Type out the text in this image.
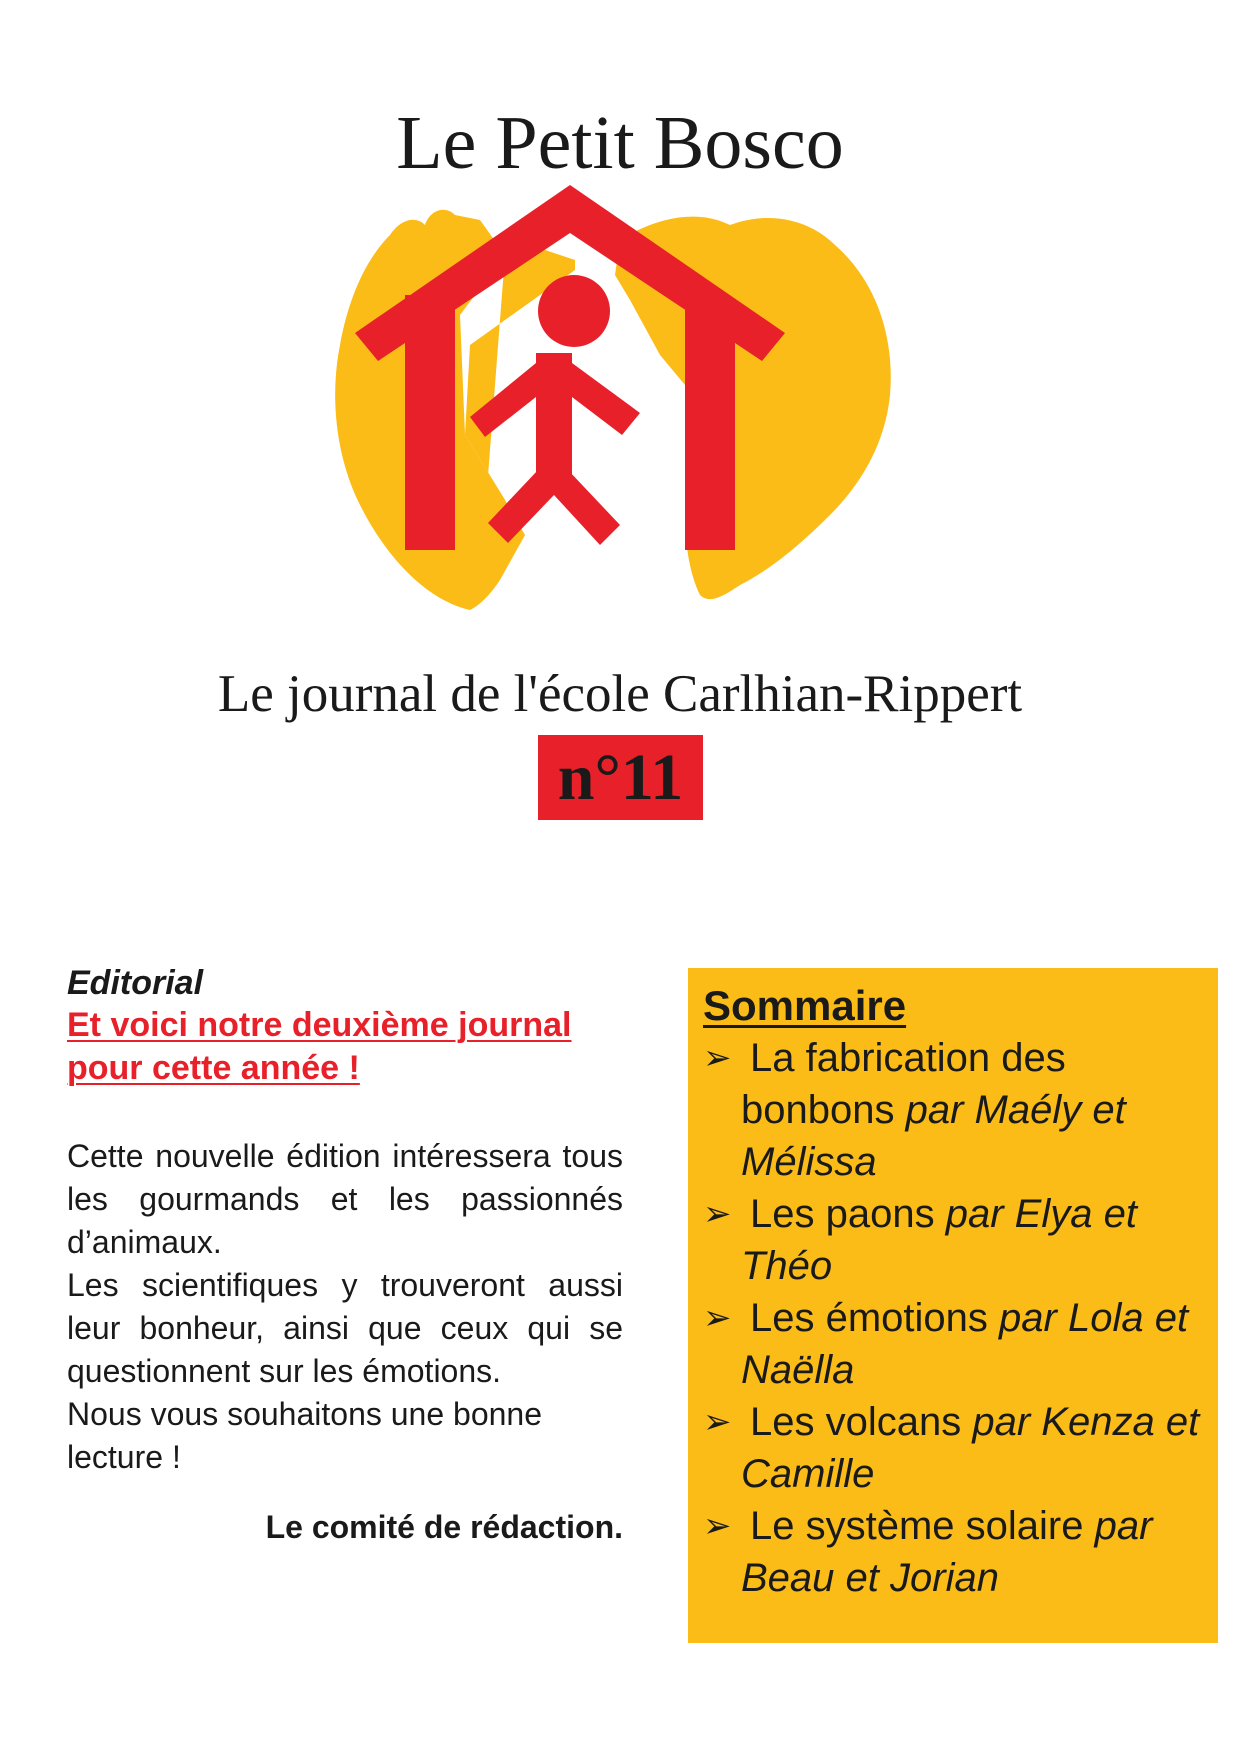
Le Petit Bosco
Le journal de l'école Carlhian-Rippert
n°11
Editorial
Et voici notre deuxième journal
pour cette année !

Cette nouvelle édition intéressera tous les gourmands et les passionnés d’animaux.

Les scientifiques y trouveront aussi leur bonheur, ainsi que ceux qui se questionnent sur les émotions.

Nous vous souhaitons une bonne lecture !

Le comité de rédaction.
Sommaire
➢ La fabrication des bonbons par Maély et Mélissa
➢ Les paons par Elya et Théo
➢ Les émotions par Lola et Naëlla
➢ Les volcans par Kenza et Camille
➢ Le système solaire par Beau et Jorian
